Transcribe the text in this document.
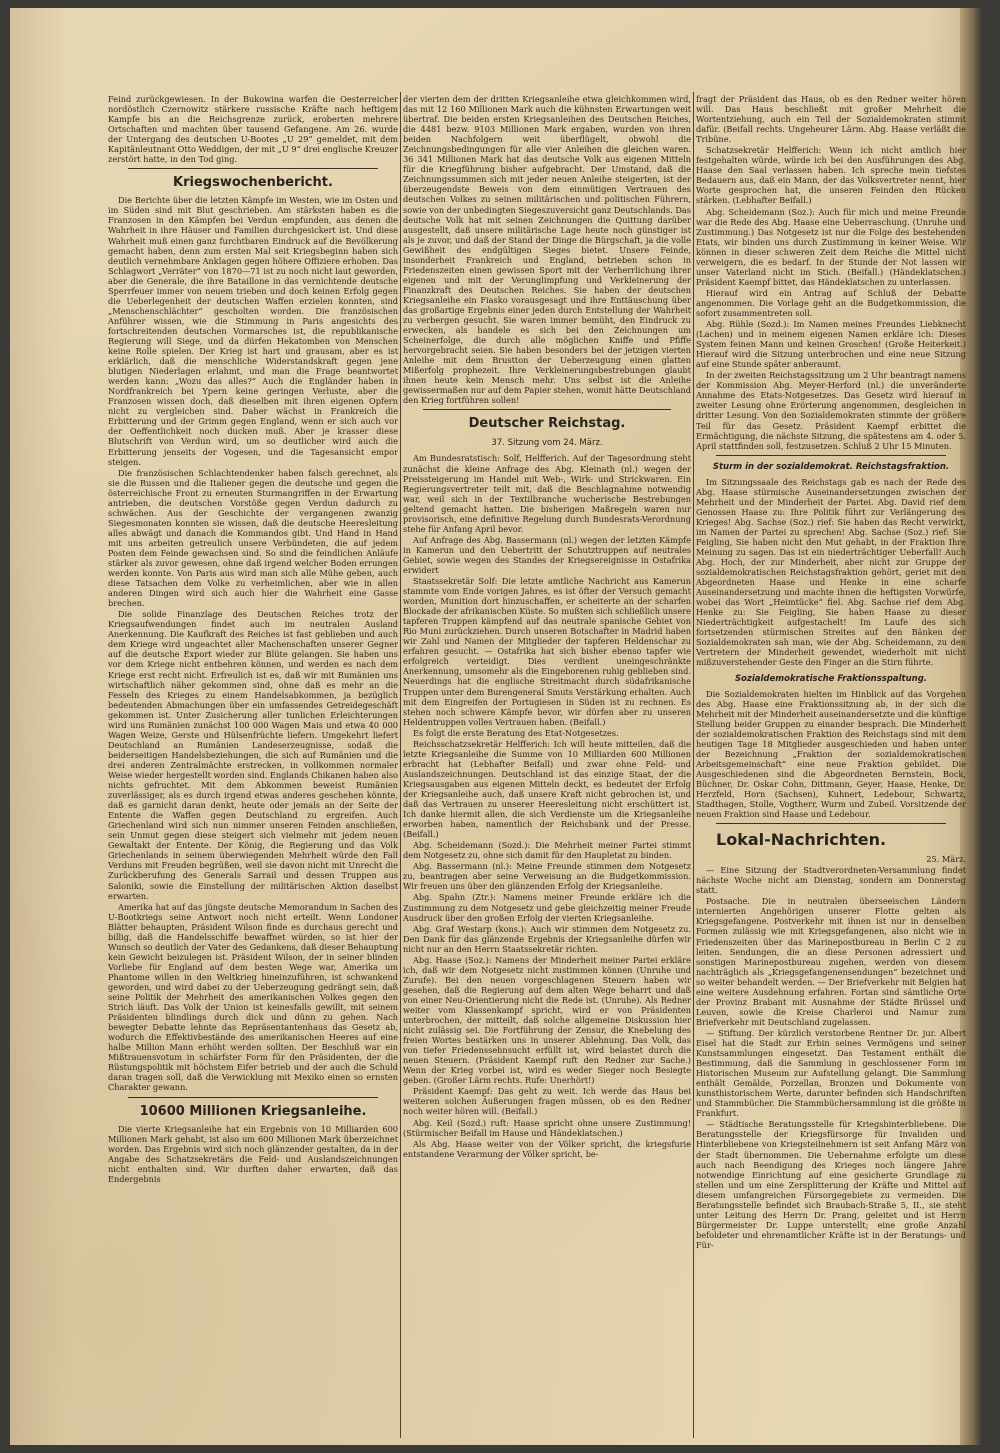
Feind zurückgewiesen. In der Bukowina warfen die Oesterreicher nordöstlich Czernowitz stärkere russische Kräfte nach heftigem Kampfe bis an die Reichsgrenze zurück, eroberten mehrere Ortschaften und machten über tausend Gefangene. Am 26. wurde der Untergang des deutschen U-Bootes „U 29“ gemeldet, mit dem Kapitänleutnant Otto Weddigen, der mit „U 9“ drei englische Kreuzer zerstört hatte, in den Tod ging.

Kriegswochenbericht.

Die Berichte über die letzten Kämpfe im Westen, wie im Osten und im Süden sind mit Blut geschrieben. Am stärksten haben es die Franzosen in den Kämpfen bei Verdun empfunden, aus denen die Wahrheit in ihre Häuser und Familien durchgesickert ist. Und diese Wahrheit muß einen ganz furchtbaren Eindruck auf die Bevölkerung gemacht haben, denn zum ersten Mal seit Kriegsbeginn haben sich deutlich vernehmbare Anklagen gegen höhere Offiziere erhoben. Das Schlagwort „Verräter“ von 1870—71 ist zu noch nicht laut geworden, aber die Generale, die ihre Bataillone in das vernichtende deutsche Sperrfeuer immer von neuem trieben und doch keinen Erfolg gegen die Ueberlegenheit der deutschen Waffen erzielen konnten, sind „Menschenschlächter“ gescholten worden. Die französischen Anführer wissen, wie die Stimmung in Paris angesichts des fortschreitenden deutschen Vormarsches ist, die republikanische Regierung will Siege, und da dürfen Hekatomben von Menschen keine Rolle spielen. Der Krieg ist hart und grausam, aber es ist erklärlich, daß die menschliche Widerstandskraft gegen jene blutigen Niederlagen erlahmt, und man die Frage beantwortet werden kann: „Wozu das alles?“ Auch die Engländer haben in Nordfrankreich bei Ypern keine geringen Verluste, aber die Franzosen wissen doch, daß dieselben mit ihren eigenen Opfern nicht zu vergleichen sind. Daher wächst in Frankreich die Erbitterung und der Grimm gegen England, wenn er sich auch vor der Oeffentlichkeit noch ducken muß. Aber je krasser diese Blutschrift von Verdun wird, um so deutlicher wird auch die Erbitterung jenseits der Vogesen, und die Tagesansicht empor steigen.

Die französischen Schlachtendenker haben falsch gerechnet, als sie die Russen und die Italiener gegen die deutsche und gegen die österreichische Front zu erneuten Sturmangriffen in der Erwartung antrieben, die deutschen Vorstöße gegen Verdun dadurch zu schwächen. Aus der Geschichte der vergangenen zwanzig Siegesmonaten konnten sie wissen, daß die deutsche Heeresleitung alles abwägt und danach die Kommandos gibt. Und Hand in Hand mit uns arbeiten getreulich unsere Verbündeten, die auf jedem Posten dem Feinde gewachsen sind. So sind die feindlichen Anläufe stärker als zuvor gewesen, ohne daß irgend welcher Boden errungen werden konnte. Von Paris aus wird man sich alle Mühe geben, auch diese Tatsachen dem Volke zu verheimlichen, aber wie in allen anderen Dingen wird sich auch hier die Wahrheit eine Gasse brechen.

Die solide Finanzlage des Deutschen Reiches trotz der Kriegsaufwendungen findet auch im neutralen Ausland Anerkennung. Die Kaufkraft des Reiches ist fast geblieben und auch dem Kriege wird ungeachtet aller Machenschaften unserer Gegner auf die deutsche Export wieder zur Blüte gelangen. Sie haben uns vor dem Kriege nicht entbehren können, und werden es nach dem Kriege erst recht nicht. Erfreulich ist es, daß wir mit Rumänien uns wirtschaftlich näher gekommen sind, ohne daß es mehr an die Fesseln des Krieges zu einem Handelsabkommen, ja bezüglich bedeutenden Abmachungen über ein umfassendes Getreidegeschäft gekommen ist. Unter Zusicherung aller tunlichen Erleichterungen wird uns Rumänien zunächst 100 000 Wagen Mais und etwa 40 000 Wagen Weize, Gerste und Hülsenfrüchte liefern. Umgekehrt liefert Deutschland an Rumänien Landeserzeugnisse, sodaß die beiderseitigen Handelsbeziehungen, die sich auf Rumänien und die drei anderen Zentralmächte erstrecken, in vollkommen normaler Weise wieder hergestellt worden sind. Englands Chikanen haben also nichts gefruchtet. Mit dem Abkommen beweist Rumänien zuverlässiger, als es durch irgend etwas anderes geschehen könnte, daß es garnicht daran denkt, heute oder jemals an der Seite der Entente die Waffen gegen Deutschland zu ergreifen. Auch Griechenland wird sich nun nimmer unseren Feinden anschließen, sein Unmut gegen diese steigert sich vielmehr mit jedem neuen Gewaltakt der Entente. Der König, die Regierung und das Volk Griechenlands in seinem überwiegenden Mehrheit würde den Fall Verduns mit Freuden begrüßen, weil sie davon nicht mit Unrecht die Zurückberufung des Generals Sarrail und dessen Truppen aus Saloniki, sowie die Einstellung der militärischen Aktion daselbst erwarten.

Amerika hat auf das jüngste deutsche Memorandum in Sachen des U-Bootkriegs seine Antwort noch nicht erteilt. Wenn Londoner Blätter behaupten, Präsident Wilson finde es durchaus gerecht und billig, daß die Handelsschiffe bewaffnet würden, so ist hier der Wunsch so deutlich der Vater des Gedankens, daß dieser Behauptung kein Gewicht beizulegen ist. Präsident Wilson, der in seiner blinden Vorliebe für England auf dem besten Wege war, Amerika um Phantome willen in den Weltkrieg hineinzuführen, ist schwankend geworden, und wird dabei zu der Ueberzeugung gedrängt sein, daß seine Politik der Mehrheit des amerikanischen Volkes gegen den Strich läuft. Das Volk der Union ist keinesfalls gewillt, mit seinem Präsidenten blindlings durch dick und dünn zu gehen. Nach bewegter Debatte lehnte das Repräsentantenhaus das Gesetz ab, wodurch die Effektivbestände des amerikanischen Heeres auf eine halbe Million Mann erhöht werden sollten. Der Beschluß war ein Mißtrauensvotum in schärfster Form für den Präsidenten, der die Rüstungspolitik mit höchstem Eifer betrieb und der auch die Schuld daran tragen soll, daß die Verwicklung mit Mexiko einen so ernsten Charakter gewann.

10600 Millionen Kriegsanleihe.

Die vierte Kriegsanleihe hat ein Ergebnis von 10 Milliarden 600 Millionen Mark gehabt, ist also um 600 Millionen Mark überzeichnet worden. Das Ergebnis wird sich noch glänzender gestalten, da in der Angabe des Schatzsekretärs die Feld- und Auslandszeichnungen nicht enthalten sind. Wir durften daher erwarten, daß das Endergebnis

der vierten dem der dritten Kriegsanleihe etwa gleichkommen wird, das mit 12 160 Millionen Mark auch die kühnsten Erwartungen weit übertraf. Die beiden ersten Kriegsanleihen des Deutschen Reiches, die 4481 bezw. 9103 Millionen Mark ergaben, wurden von ihren beiden Nachfolgern weit überflügelt, obwohl die Zeichnungsbedingungen für alle vier Anleihen die gleichen waren. 36 341 Millionen Mark hat das deutsche Volk aus eigenen Mitteln für die Kriegführung bisher aufgebracht. Der Umstand, daß die Zeichnungssummen sich mit jeder neuen Anleihe steigerten, ist der überzeugendste Beweis von dem einmütigen Vertrauen des deutschen Volkes zu seinen militärischen und politischen Führern, sowie von der unbedingten Siegeszuversicht ganz Deutschlands. Das deutsche Volk hat mit seinen Zeichnungen die Quittung darüber ausgestellt, daß unsere militärische Lage heute noch günstiger ist als je zuvor, und daß der Stand der Dinge die Bürgschaft, ja die volle Gewißheit des endgültigen Sieges bietet. Unsere Feinde, insonderheit Frankreich und England, betrieben schon in Friedenszeiten einen gewissen Sport mit der Verherrlichung ihrer eigenen und mit der Verunglimpfung und Verkleinerung der Finanzkraft des Deutschen Reiches. Sie haben der deutschen Kriegsanleihe ein Fiasko vorausgesagt und ihre Enttäuschung über das großartige Ergebnis einer jeden durch Entstellung der Wahrheit zu verbergen gesucht. Sie waren immer bemüht, den Eindruck zu erwecken, als handele es sich bei den Zeichnungen um Scheinerfolge, die durch alle möglichen Kniffe und Pfiffe hervorgebracht seien. Sie haben besonders bei der jetzigen vierten Anleihe mit dem Brustton der Ueberzeugung einen glatten Mißerfolg prophezeit. Ihre Verkleinerungsbestrebungen glaubt ihnen heute kein Mensch mehr. Uns selbst ist die Anleihe gewissermaßen nur auf dem Papier stehen, womit hätte Deutschland den Krieg fortführen sollen!

Deutscher Reichstag.

37. Sitzung vom 24. März.

Am Bundesratstisch: Solf, Helfferich. Auf der Tagesordnung steht zunächst die kleine Anfrage des Abg. Kleinath (nl.) wegen der Preissteigerung im Handel mit Web-, Wirk- und Strickwaren. Ein Regierungsvertreter teilt mit, daß die Beschlagnahme notwendig war, weil sich in der Textilbranche wucherische Bestrebungen geltend gemacht hatten. Die bisherigen Maßregeln waren nur provisorisch, eine definitive Regelung durch Bundesrats-Verordnung stehe für Anfang April bevor.

Auf Anfrage des Abg. Bassermann (nl.) wegen der letzten Kämpfe in Kamerun und den Uebertritt der Schutztruppen auf neutrales Gebiet, sowie wegen des Standes der Kriegsereignisse in Ostafrika erwidert

Staatssekretär Solf: Die letzte amtliche Nachricht aus Kamerun stammte vom Ende vorigen Jahres, es ist öfter der Versuch gemacht worden, Munition dort hinzuschaffen, er scheiterte an der scharfen Blockade der afrikanischen Küste. So mußten sich schließlich unsere tapferen Truppen kämpfend auf das neutrale spanische Gebiet von Rio Muni zurückziehen. Durch unseren Botschafter in Madrid haben wir Zahl und Namen der Mitglieder der tapferen Heldenschar zu erfahren gesucht. — Ostafrika hat sich bisher ebenso tapfer wie erfolgreich verteidigt. Dies verdient uneingeschränkte Anerkennung, umsomehr als die Eingeborenen ruhig geblieben sind. Neuerdings hat die englische Streitmacht durch südafrikanische Truppen unter dem Burengeneral Smuts Verstärkung erhalten. Auch mit dem Eingreifen der Portugiesen in Süden ist zu rechnen. Es stehen noch schwere Kämpfe bevor, wir dürfen aber zu unseren Heldentruppen volles Vertrauen haben. (Beifall.)

Es folgt die erste Beratung des Etat-Notgesetzes.

Reichsschatzsekretär Helfferich: Ich will heute mitteilen, daß die letzte Kriegsanleihe die Summe von 10 Milliarden 600 Millionen erbracht hat (Lebhafter Beifall) und zwar ohne Feld- und Auslandszeichnungen. Deutschland ist das einzige Staat, der die Kriegsausgaben aus eigenen Mitteln deckt, es bedeutet der Erfolg der Kriegsanleihe auch, daß unsere Kraft nicht gebrochen ist, und daß das Vertrauen zu unserer Heeresleitung nicht erschüttert ist. Ich danke hiermit allen, die sich Verdienste um die Kriegsanleihe erworben haben, namentlich der Reichsbank und der Presse. (Beifall.)

Abg. Scheidemann (Sozd.): Die Mehrheit meiner Partei stimmt dem Notgesetz zu, ohne sich damit für den Haupletat zu binden.

Abg. Bassermann (nl.): Meine Freunde stimmen dem Notgesetz zu, beantragen aber seine Verweisung an die Budgetkommission. Wir freuen uns über den glänzenden Erfolg der Kriegsanleihe.

Abg. Spahn (Ztr.): Namens meiner Freunde erkläre ich die Zustimmung zu dem Notgesetz und gebe gleichzeitig meiner Freude Ausdruck über den großen Erfolg der vierten Kriegsanleihe.

Abg. Graf Westarp (kons.): Auch wir stimmen dem Notgesetz zu. Den Dank für das glänzende Ergebnis der Kriegsanleihe dürfen wir nicht nur an den Herrn Staatssekretär richten.

Abg. Haase (Soz.): Namens der Minderheit meiner Partei erkläre ich, daß wir dem Notgesetz nicht zustimmen können (Unruhe und Zurufe). Bei den neuen vorgeschlagenen Steuern haben wir gesehen, daß die Regierung auf dem alten Wege beharrt und daß von einer Neu-Orientierung nicht die Rede ist. (Unruhe). Als Redner weiter vom Klassenkampf spricht, wird er von Präsidenten unterbrochen, der mitteilt, daß solche allgemeine Diskussion hier nicht zulässig sei. Die Fortführung der Zensur, die Knebelung des freien Wortes bestärken uns in unserer Ablehnung. Das Volk, das von tiefer Friedenssehnsucht erfüllt ist, wird belastet durch die neuen Steuern. (Präsident Kaempf ruft den Redner zur Sache.) Wenn der Krieg vorbei ist, wird es weder Sieger noch Besiegte geben. (Großer Lärm rechts. Rufe: Unerhört!)

Präsident Kaempf: Das geht zu weit. Ich werde das Haus bei weiteren solchen Äußerungen fragen müssen, ob es den Redner noch weiter hören will. (Beifall.)

Abg. Keil (Sozd.) ruft: Haase spricht ohne unsere Zustimmung! (Stürmischer Beifall im Hause und Händeklatschen.)

Als Abg. Haase weiter von der Völker spricht, die kriegsfurie entstandene Verarmung der Völker spricht, be-

fragt der Präsident das Haus, ob es den Redner weiter hören will. Das Haus beschließt mit großer Mehrheit die Wortentziehung, auch ein Teil der Sozialdemokraten stimmt dafür. (Beifall rechts. Ungeheurer Lärm. Abg. Haase verläßt die Tribüne.

Schatzsekretär Helfferich: Wenn ich nicht amtlich hier festgehalten würde, würde ich bei den Ausführungen des Abg. Haase den Saal verlassen haben. Ich spreche mein tiefstes Bedauern aus, daß ein Mann, der das Volksvertreter nennt, hier Worte gesprochen hat, die unseren Feinden den Rücken stärken. (Lebhafter Beifall.)

Abg. Scheidemann (Soz.): Auch für mich und meine Freunde war die Rede des Abg. Haase eine Ueberraschung. (Unruhe und Zustimmung.) Das Notgesetz ist nur die Folge des bestehenden Etats, wir binden uns durch Zustimmung in keiner Weise. Wir können in dieser schweren Zeit dem Reiche die Mittel nicht verweigern, die es bedarf. In der Stunde der Not lassen wir unser Vaterland nicht im Stich. (Beifall.) (Händeklatschen.) Präsident Kaempf bittet, das Händeklatschen zu unterlassen.

Hierauf wird ein Antrag auf Schluß der Debatte angenommen. Die Vorlage geht an die Budgetkommission, die sofort zusammentreten soll.

Abg. Rühle (Sozd.): Im Namen meines Freundes Liebknecht (Lachen) und in meinem eigenen Namen erkläre ich: Dieses System feinen Mann und keinen Groschen! (Große Heiterkeit.) Hierauf wird die Sitzung unterbrochen und eine neue Sitzung auf eine Stunde später anberaumt.

In der zweiten Reichstagssitzung um 2 Uhr beantragt namens der Kommission Abg. Meyer-Herford (nl.) die unveränderte Annahme des Etats-Notgesetzes. Das Gesetz wird hierauf in zweiter Lesung ohne Erörterung angenommen, desgleichen in dritter Lesung. Von den Sozialdemokraten stimmte der größere Teil für das Gesetz. Präsident Kaempf erbittet die Ermächtigung, die nächste Sitzung, die spätestens am 4. oder 5. April stattfinden soll, festzusetzen. Schluß 2 Uhr 15 Minuten.

Sturm in der sozialdemokrat. Reichstagsfraktion.

Im Sitzungssaale des Reichstags gab es nach der Rede des Abg. Haase stürmische Auseinandersetzungen zwischen der Mehrheit und der Minderheit der Partei. Abg. David rief dem Genossen Haase zu: Ihre Politik führt zur Verlängerung des Krieges! Abg. Sachse (Soz.) rief: Sie haben das Recht verwirkt, im Namen der Partei zu sprechen! Abg. Sachse (Soz.) rief: Sie Feigling, Sie haben nicht den Mut gehabt, in der Fraktion Ihre Meinung zu sagen. Das ist ein niederträchtiger Ueberfall! Auch Abg. Hoch, der zur Minderheit, aber nicht zur Gruppe der sozialdemokratischen Reichstagsfraktion gehört, geriet mit den Abgeordneten Haase und Henke in eine scharfe Auseinandersetzung und machte ihnen die heftigsten Vorwürfe, wobei das Wort „Heimtücke“ fiel. Abg. Sachse rief dem Abg. Henke zu: Sie Feigling, Sie haben Haase zu dieser Niederträchtigkeit aufgestachelt! Im Laufe des sich fortsetzenden stürmischen Streites auf den Bänken der Sozialdemokraten sah man, wie der Abg. Scheidemann, zu den Vertretern der Minderheit gewendet, wiederholt mit nicht mißzuverstehender Geste den Finger an die Stirn führte.

Sozialdemokratische Fraktionsspaltung.

Die Sozialdemokraten hielten im Hinblick auf das Vorgehen des Abg. Haase eine Fraktionssitzung ab, in der sich die Mehrheit mit der Minderheit auseinandersetzte und die künftige Stellung beider Gruppen zu einander besprach. Die Minderheit der sozialdemokratischen Fraktion des Reichstags sind mit dem heutigen Tage 18 Mitglieder ausgeschieden und haben unter der Bezeichnung „Fraktion der sozialdemokratischen Arbeitsgemeinschaft“ eine neue Fraktion gebildet. Die Ausgeschiedenen sind die Abgeordneten Bernstein, Bock, Büchner, Dr. Oskar Cohn, Dittmann, Geyer, Haase, Henke, Dr. Herzfeld, Horn (Sachsen), Kuhnert, Ledebour, Schwartz, Stadthagen, Stolle, Vogtherr, Wurm und Zubeil. Vorsitzende der neuen Fraktion sind Haase und Ledebour.

Lokal-Nachrichten.

25. März.

— Eine Sitzung der Stadtverordneten-Versammlung findet nächste Woche nicht am Dienstag, sondern am Donnerstag statt.

Postsache. Die in neutralen überseeischen Ländern internierten Angehörigen unserer Flotte gelten als Kriegsgefangene. Postverkehr mit ihnen ist nur in denselben Formen zulässig wie mit Kriegsgefangenen, also nicht wie in Friedenszeiten über das Marinepostbureau in Berlin C 2 zu leiten. Sendungen, die an diese Personen adressiert und sonstigen Marinepostbureau zugehen, werden von diesem nachträglich als „Kriegsgefangenensendungen“ bezeichnet und so weiter behandelt werden. — Der Briefverkehr mit Belgien hat eine weitere Ausdehnung erfahren. Fortan sind sämtliche Orte der Provinz Brabant mit Ausnahme der Städte Brüssel und Leuven, sowie die Kreise Charleroi und Namur zum Briefverkehr mit Deutschland zugelassen.

— Stiftung. Der kürzlich verstorbene Rentner Dr. jur. Albert Eisel hat die Stadt zur Erbin seines Vermögens und seiner Kunstsammlungen eingesetzt. Das Testament enthält die Bestimmung, daß die Sammlung in geschlossener Form im Historischen Museum zur Aufstellung gelangt. Die Sammlung enthält Gemälde, Porzellan, Bronzen und Dokumente von kunsthistorischem Werte, darunter befinden sich Handschriften und Stammbücher. Die Stammbüchersammlung ist die größte in Frankfurt.

— Städtische Beratungsstelle für Kriegshinterbliebene. Die Beratungsstelle der Kriegsfürsorge für Invaliden und Hinterbliebene von Kriegsteilnehmern ist seit Anfang März von der Stadt übernommen. Die Uebernahme erfolgte um diese auch nach Beendigung des Krieges noch längere Jahre notwendige Einrichtung auf eine gesicherte Grundlage zu stellen und um eine Zersplitterung der Kräfte und Mittel auf diesem umfangreichen Fürsorgegebiete zu vermeiden. Die Beratungsstelle befindet sich Braubach-Straße 5, II., sie steht unter Leitung des Herrn Dr. Prang, geleitet und ist Herrn Bürgermeister Dr. Luppe unterstellt; eine große Anzahl befoldeter und ehrenamtlicher Kräfte ist in der Beratungs- und Für-
